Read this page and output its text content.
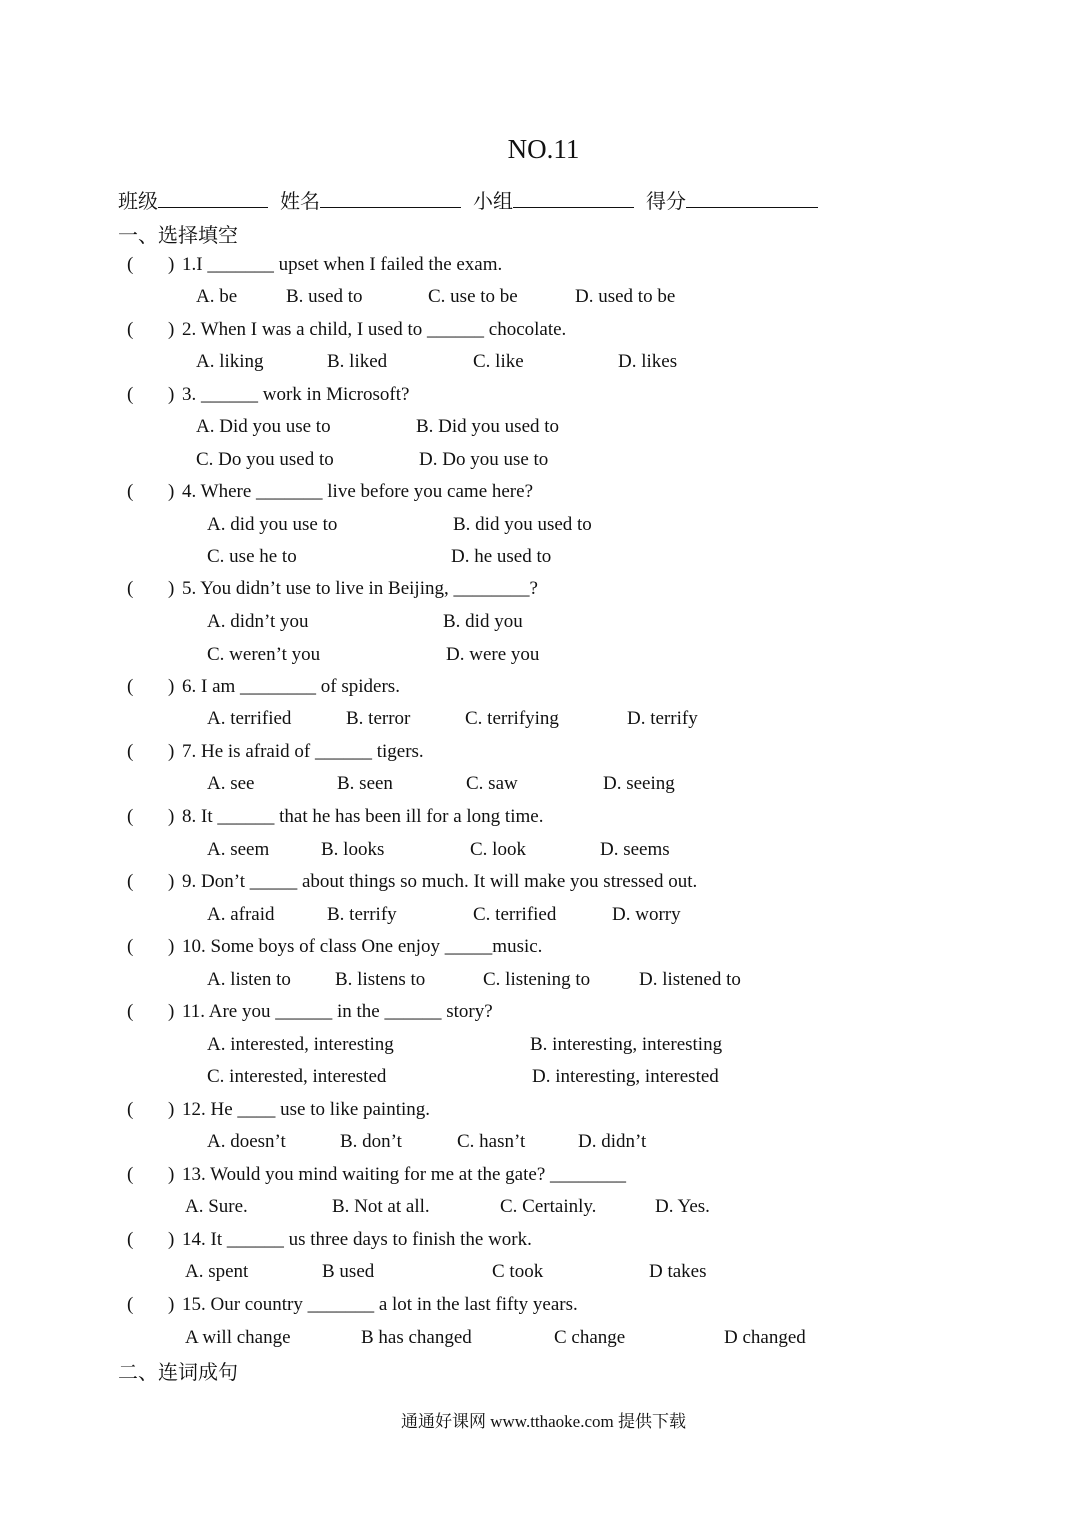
NO.11
班级	姓名	小组	得分
一、选择填空
( ) 1.I _______ upset when I failed the exam.
A. be	B. used to	C. use to be	D. used to be
( ) 2. When I was a child, I used to ______ chocolate.
A. liking	B. liked	C. like	D. likes
( ) 3. ______ work in Microsoft?
A. Did you use to	B. Did you used to
C. Do you used to	D. Do you use to
( ) 4. Where _______ live before you came here?
A. did you use to	B. did you used to
C. use he to	D. he used to
( ) 5. You didn’t use to live in Beijing, ________?
A. didn’t you	B. did you
C. weren’t you	D. were you
( ) 6. I am ________ of spiders.
A. terrified	B. terror	C. terrifying	D. terrify
( ) 7. He is afraid of ______ tigers.
A. see	B. seen	C. saw	D. seeing
( ) 8. It ______ that he has been ill for a long time.
A. seem	B. looks	C. look	D. seems
( ) 9. Don’t _____ about things so much. It will make you stressed out.
A. afraid	B. terrify	C. terrified	D. worry
( ) 10. Some boys of class One enjoy _____music.
A. listen to B. listens to	C. listening to	D. listened to
( ) 11. Are you ______ in the ______ story?
A. interested, interesting	B. interesting, interesting
C. interested, interested	D. interesting, interested
( ) 12. He ____ use to like painting.
A. doesn’t	B. don’t	C. hasn’t	D. didn’t
( ) 13. Would you mind waiting for me at the gate? ________
A. Sure.	B. Not at all.	C. Certainly.	D. Yes.
( ) 14. It ______ us three days to finish the work.
A. spent	B used	C took	D takes
( ) 15. Our country _______ a lot in the last fifty years.
A will change	B has changed	C change	D changed
二、连词成句
通通好课网 www.tthaoke.com 提供下载
